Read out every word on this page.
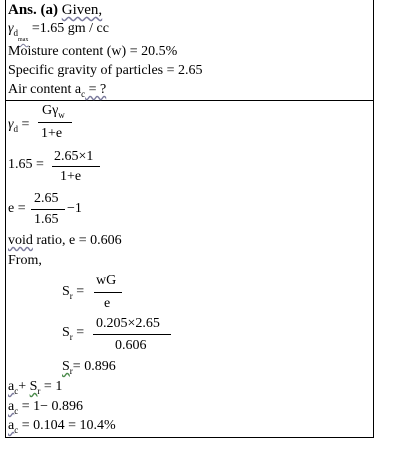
Ans. (a) Given,
$\gamma_{d_{max}} =1.65$ gm / cc
Moisture content (w) = 20.5%
Specific gravity of particles = 2.65
Air content $a_c$ = ?
$\gamma_d$ =
$G\gamma_w$
1+e
1.65 =
2.65×1
1+e
e =
2.65
1.65
−1
void ratio, e = 0.606
From,
$S_r$ =
wG
e
$S_r$ =
0.205×2.65
0.606
$S_r= 0.896$
$a_c+ S_r = 1$
$a_c = 1- 0.896$
$a_c = 0.104 = 10.4\%$
